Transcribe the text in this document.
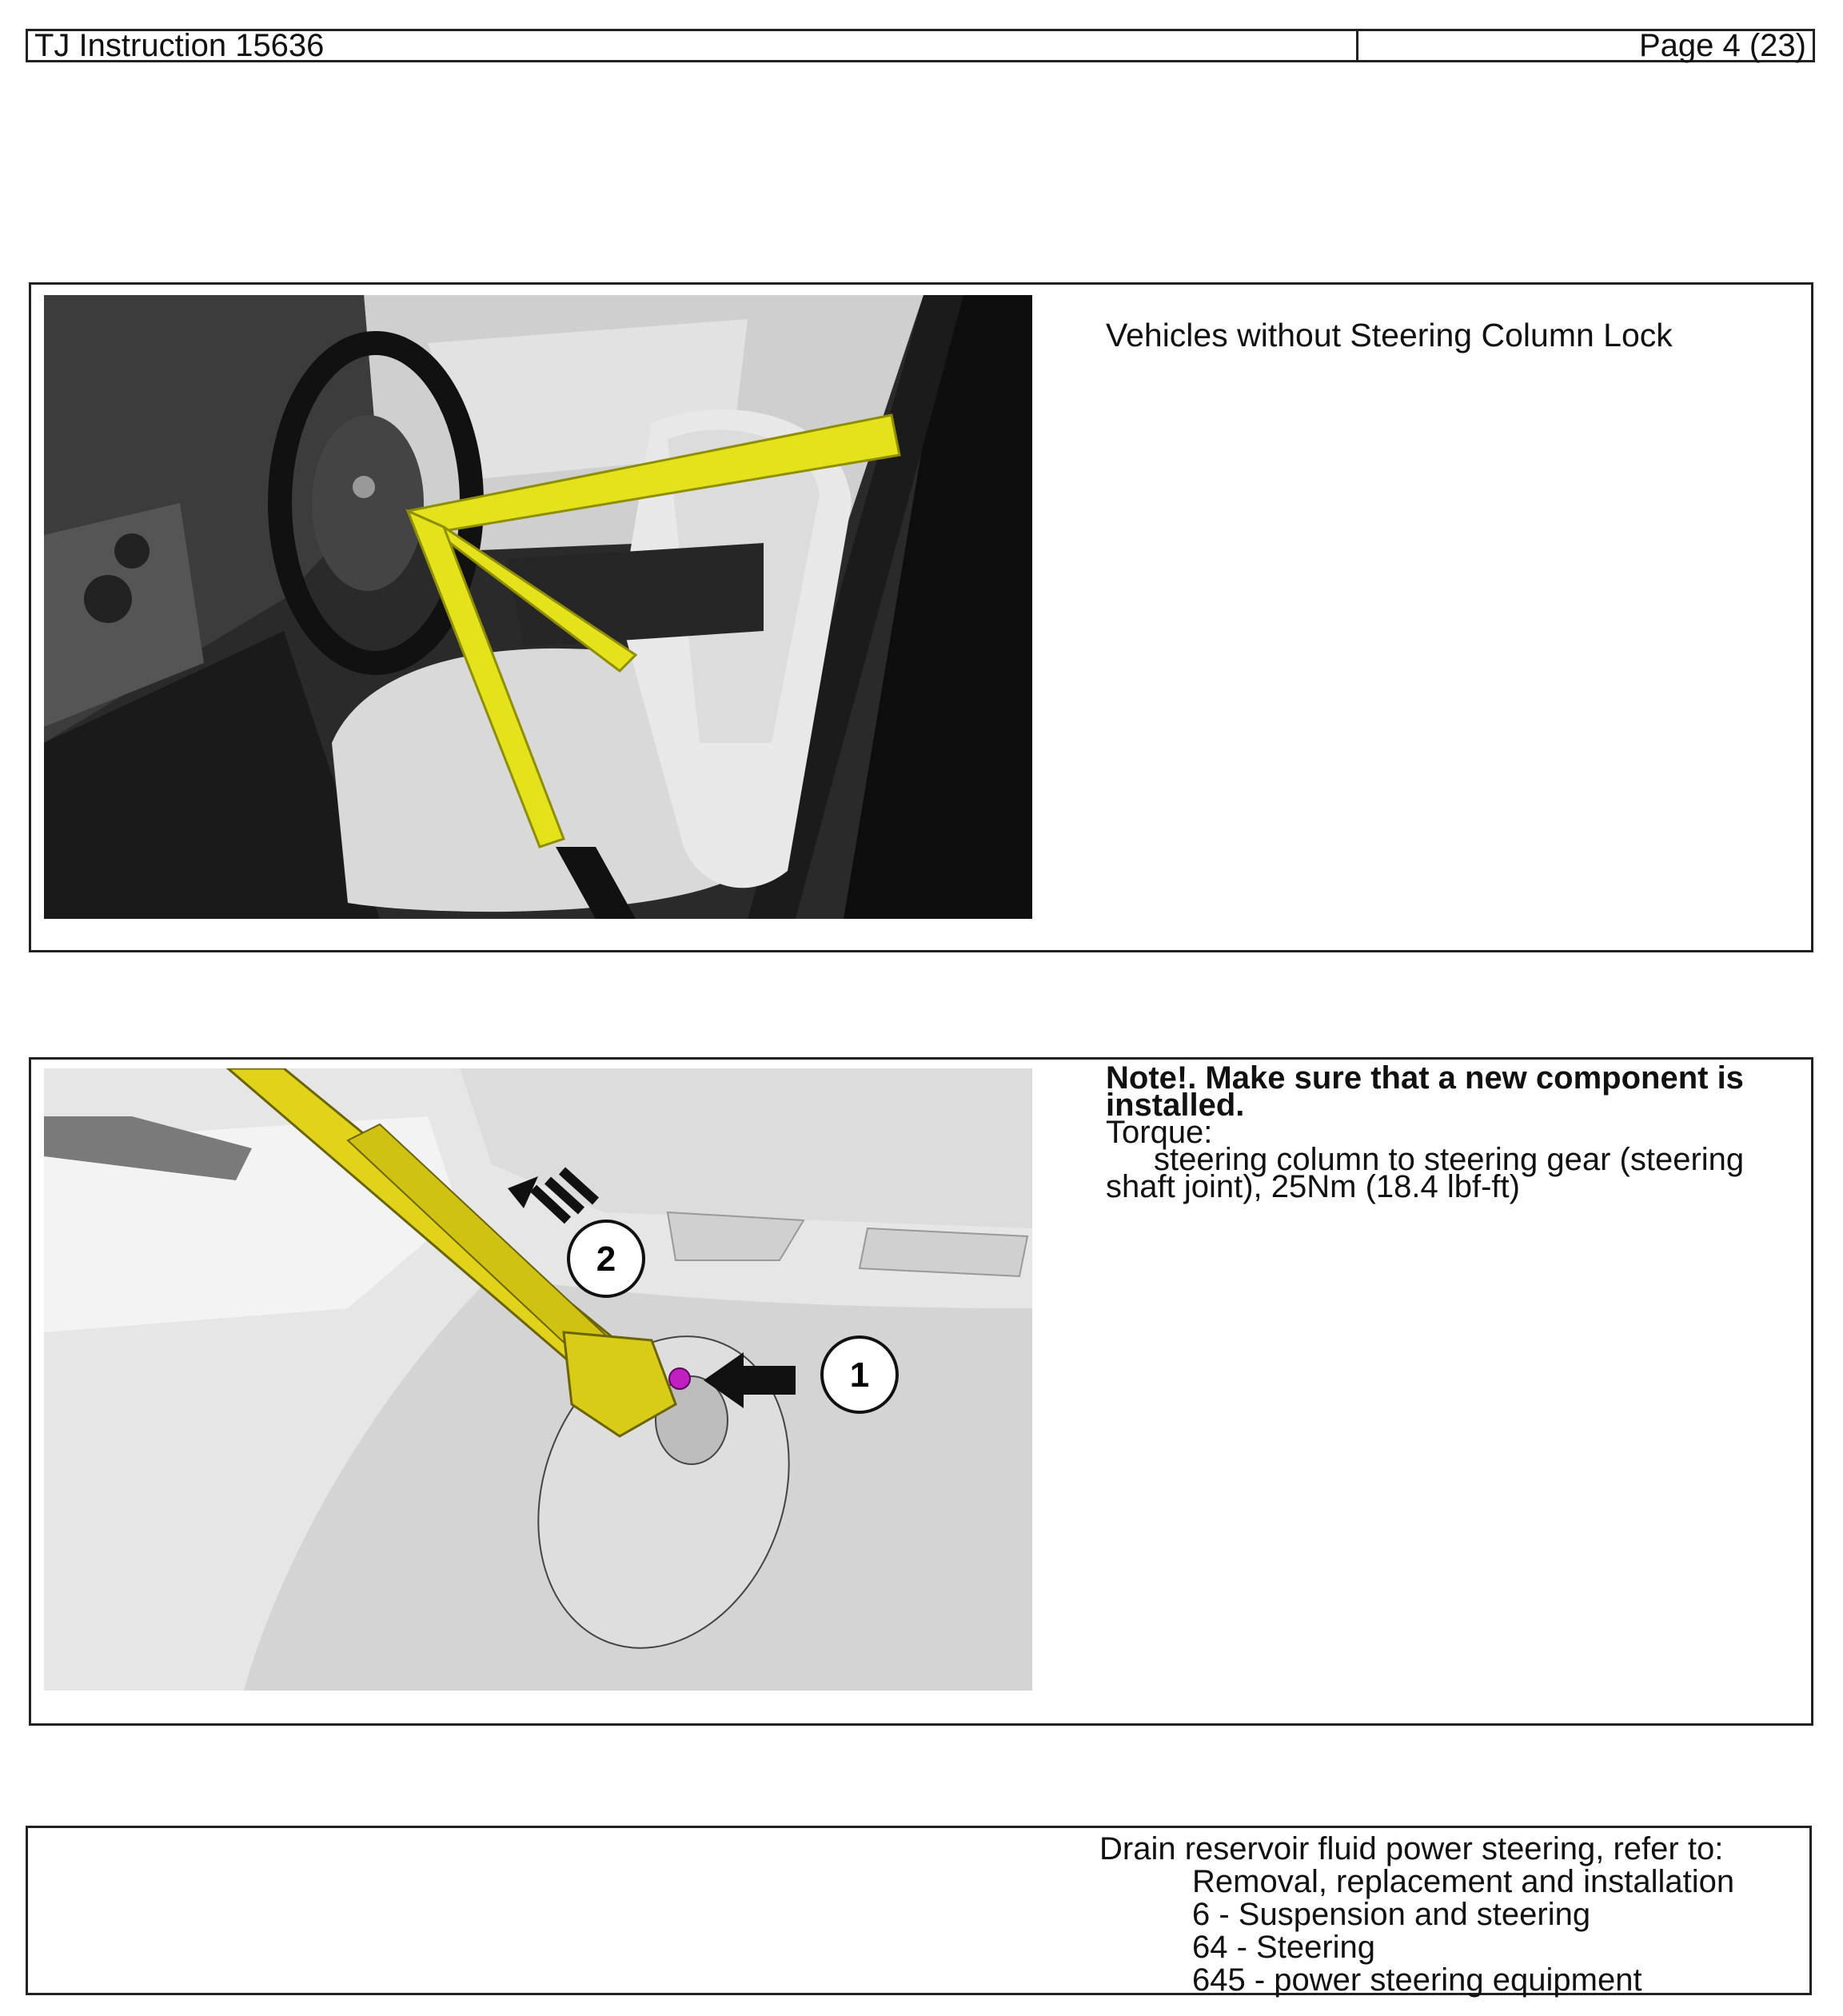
TJ Instruction 15636	Page 4 (23)
Vehicles without Steering Column Lock
2
1
Note!. Make sure that a new component is installed.
Torque:
steering column to steering gear (steering
shaft joint), 25Nm (18.4 lbf-ft)
Drain reservoir fluid power steering, refer to:
Removal, replacement and installation
6 - Suspension and steering
64 - Steering
645 - power steering equipment
